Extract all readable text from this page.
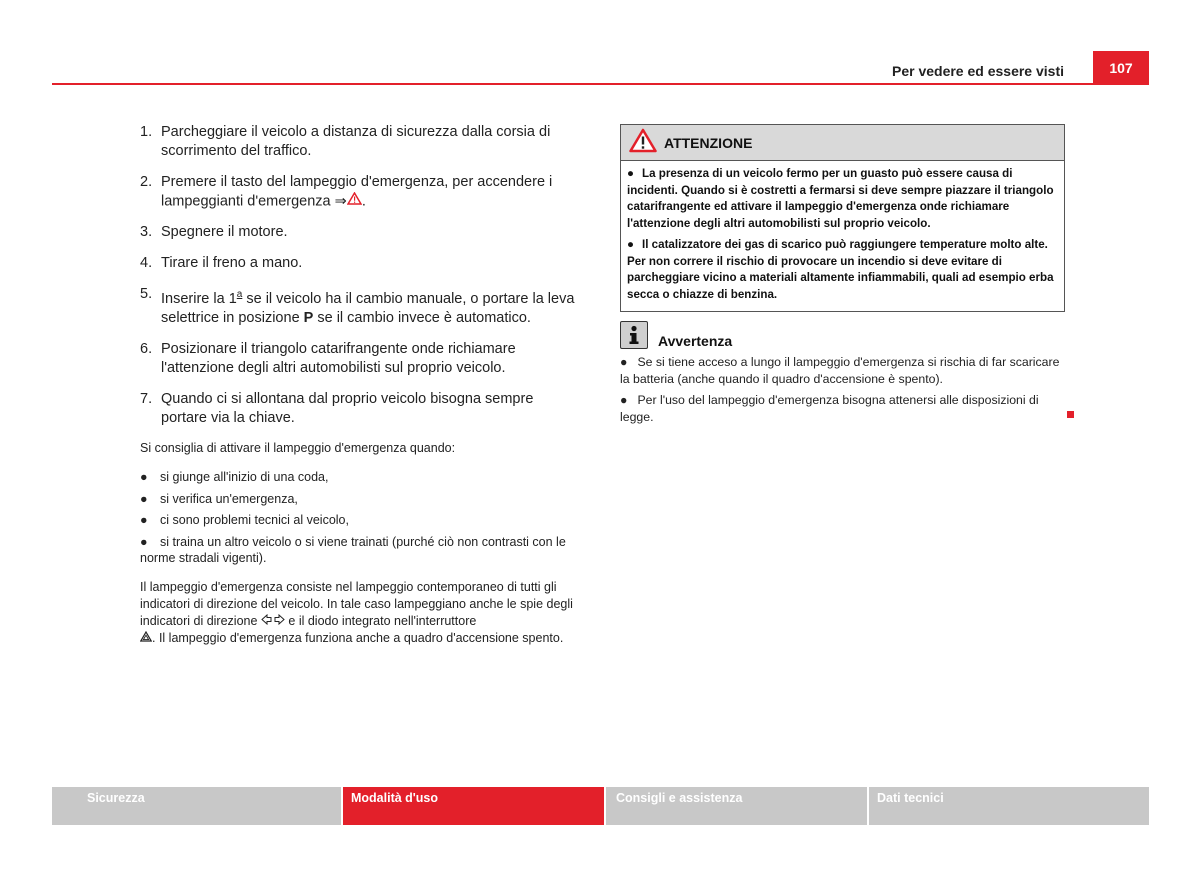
Per vedere ed essere visti	107
1. Parcheggiare il veicolo a distanza di sicurezza dalla corsia di scorrimento del traffico.
2. Premere il tasto del lampeggio d'emergenza, per accendere i lampeggianti d'emergenza ⇒ .
3. Spegnere il motore.
4. Tirare il freno a mano.
5. Inserire la 1$^a$ se il veicolo ha il cambio manuale, o portare la leva selettrice in posizione P se il cambio invece è automatico.
6. Posizionare il triangolo catarifrangente onde richiamare l'attenzione degli altri automobilisti sul proprio veicolo.
7. Quando ci si allontana dal proprio veicolo bisogna sempre portare via la chiave.

Si consiglia di attivare il lampeggio d'emergenza quando:

● si giunge all'inizio di una coda,
● si verifica un'emergenza,
● ci sono problemi tecnici al veicolo,
● si traina un altro veicolo o si viene trainati (purché ciò non contrasti con le norme stradali vigenti).

Il lampeggio d'emergenza consiste nel lampeggio contemporaneo di tutti gli indicatori di direzione del veicolo. In tale caso lampeggiano anche le spie degli indicatori di direzione e il diodo integrato nell'interruttore
. Il lampeggio d'emergenza funziona anche a quadro d'accensione spento.

ATTENZIONE

● La presenza di un veicolo fermo per un guasto può essere causa di incidenti. Quando si è costretti a fermarsi si deve sempre piazzare il triangolo catarifrangente ed attivare il lampeggio d'emergenza onde richiamare l'attenzione degli altri automobilisti sul proprio veicolo.

● Il catalizzatore dei gas di scarico può raggiungere temperature molto alte. Per non correre il rischio di provocare un incendio si deve evitare di parcheggiare vicino a materiali altamente infiammabili, quali ad esempio erba secca o chiazze di benzina.

Avvertenza

● Se si tiene acceso a lungo il lampeggio d'emergenza si rischia di far scaricare la batteria (anche quando il quadro d'accensione è spento).

● Per l'uso del lampeggio d'emergenza bisogna attenersi alle disposizioni di legge.

Sicurezza	Modalità d'uso	Consigli e assistenza	Dati tecnici
